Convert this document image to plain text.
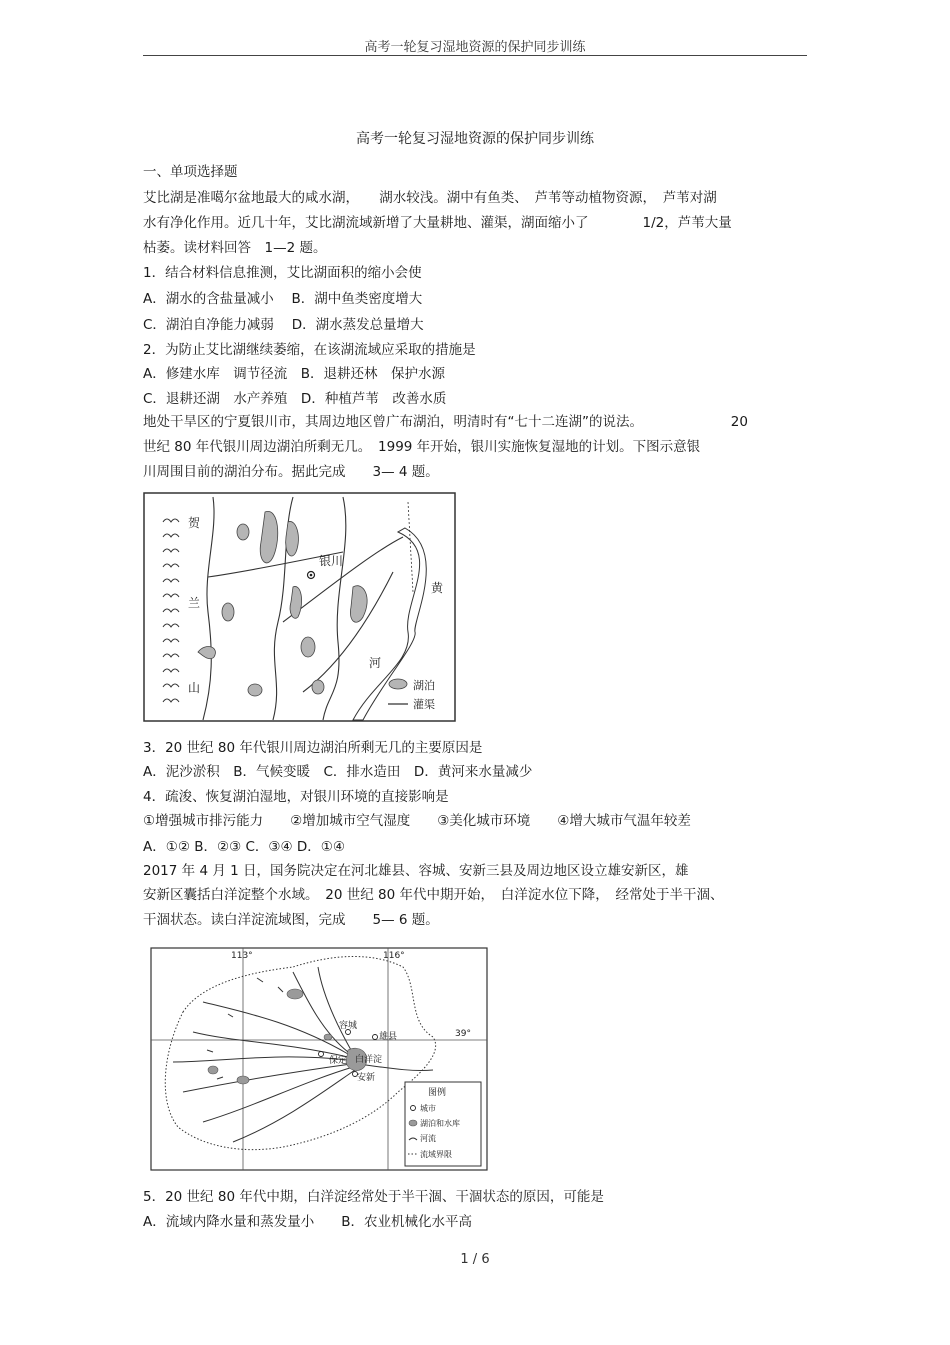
高考一轮复习湿地资源的保护同步训练
高考一轮复习湿地资源的保护同步训练
一、单项选择题
艾比湖是准噶尔盆地最大的咸水湖，　　湖水较浅。湖中有鱼类、　芦苇等动植物资源，　芦苇对湖
水有净化作用。近几十年，艾比湖流域新增了大量耕地、灌渠，湖面缩小了　　　　1/2，芦苇大量
枯萎。读材料回答　1—2 题。
1．结合材料信息推测，艾比湖面积的缩小会使
A．湖水的含盐量减小　 B．湖中鱼类密度增大
C．湖泊自净能力减弱　 D．湖水蒸发总量增大
2．为防止艾比湖继续萎缩，在该湖流域应采取的措施是
A．修建水库　调节径流　B．退耕还林　保护水源
C．退耕还湖　水产养殖　D．种植芦苇　改善水质
地处干旱区的宁夏银川市，其周边地区曾广布湖泊，明清时有“七十二连湖”的说法。　　　　　　　20
世纪 80 年代银川周边湖泊所剩无几。　1999 年开始，银川实施恢复湿地的计划。下图示意银
川周围目前的湖泊分布。据此完成　　3— 4 题。
银川
贺
兰
山
黄
河
湖泊
灌渠
3．20 世纪 80 年代银川周边湖泊所剩无几的主要原因是
A．泥沙淤积　B．气候变暖　C．排水造田　D．黄河来水量减少
4．疏浚、恢复湖泊湿地，对银川环境的直接影响是
①增强城市排污能力　　②增加城市空气湿度　　③美化城市环境　　④增大城市气温年较差
A．①② B．②③ C．③④ D．①④
2017 年 4 月 1 日，国务院决定在河北雄县、容城、安新三县及周边地区设立雄安新区，雄
安新区囊括白洋淀整个水域。　20 世纪 80 年代中期开始，　白洋淀水位下降，　经常处于半干涸、
干涸状态。读白洋淀流域图，完成　　5— 6 题。
113°	116°
39°
容城
雄县
保定 白洋淀
安新
图例
城市
湖泊和水库
河流
流域界限
5．20 世纪 80 年代中期，白洋淀经常处于半干涸、干涸状态的原因，可能是
A．流域内降水量和蒸发量小　　B．农业机械化水平高
1 / 6
